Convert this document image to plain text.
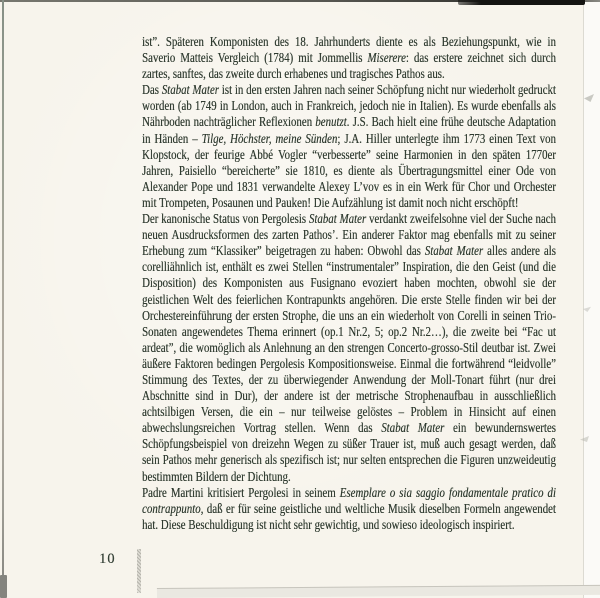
ist”. Späteren Komponisten des 18. Jahrhunderts diente es als Beziehungspunkt, wie in Saverio Matteis Vergleich (1784) mit Jommellis Miserere: das erstere zeichnet sich durch zartes, sanftes, das zweite durch erhabenes und tragisches Pathos aus.

Das Stabat Mater ist in den ersten Jahren nach seiner Schöpfung nicht nur wiederholt gedruckt worden (ab 1749 in London, auch in Frankreich, jedoch nie in Italien). Es wurde ebenfalls als Nährboden nachträglicher Reflexionen benutzt. J.S. Bach hielt eine frühe deutsche Adaptation in Händen – Tilge, Höchster, meine Sünden; J.A. Hiller unterlegte ihm 1773 einen Text von Klopstock, der feurige Abbé Vogler “verbesserte” seine Harmonien in den späten 1770er Jahren, Paisiello “bereicherte” sie 1810, es diente als Übertragungsmittel einer Ode von Alexander Pope und 1831 verwandelte Alexey L’vov es in ein Werk für Chor und Orchester mit Trompeten, Posaunen und Pauken! Die Aufzählung ist damit noch nicht erschöpft!

Der kanonische Status von Pergolesis Stabat Mater verdankt zweifelsohne viel der Suche nach neuen Ausdrucksformen des zarten Pathos’. Ein anderer Faktor mag ebenfalls mit zu seiner Erhebung zum “Klassiker” beigetragen zu haben: Obwohl das Stabat Mater alles andere als corelliähnlich ist, enthält es zwei Stellen “instrumentaler” Inspiration, die den Geist (und die Disposition) des Komponisten aus Fusignano evoziert haben mochten, obwohl sie der geistlichen Welt des feierlichen Kontrapunkts angehören. Die erste Stelle finden wir bei der Orchestereinführung der ersten Strophe, die uns an ein wiederholt von Corelli in seinen Trio-Sonaten angewendetes Thema erinnert (op.1 Nr.2, 5; op.2 Nr.2…), die zweite bei “Fac ut ardeat”, die womöglich als Anlehnung an den strengen Concerto-grosso-Stil deutbar ist. Zwei äußere Faktoren bedingen Pergolesis Kompositionsweise. Einmal die fortwährend “leidvolle” Stimmung des Textes, der zu überwiegender Anwendung der Moll-Tonart führt (nur drei Abschnitte sind in Dur), der andere ist der metrische Strophenaufbau in ausschließlich achtsilbigen Versen, die ein – nur teilweise gelöstes – Problem in Hinsicht auf einen abwechslungsreichen Vortrag stellen. Wenn das Stabat Mater ein bewundernswertes Schöpfungsbeispiel von dreizehn Wegen zu süßer Trauer ist, muß auch gesagt werden, daß sein Pathos mehr generisch als spezifisch ist; nur selten entsprechen die Figuren unzweideutig bestimmten Bildern der Dichtung.

Padre Martini kritisiert Pergolesi in seinem Esemplare o sia saggio fondamentale pratico di contrappunto, daß er für seine geistliche und weltliche Musik dieselben Formeln angewendet hat. Diese Beschuldigung ist nicht sehr gewichtig, und sowieso ideologisch inspiriert.

10
